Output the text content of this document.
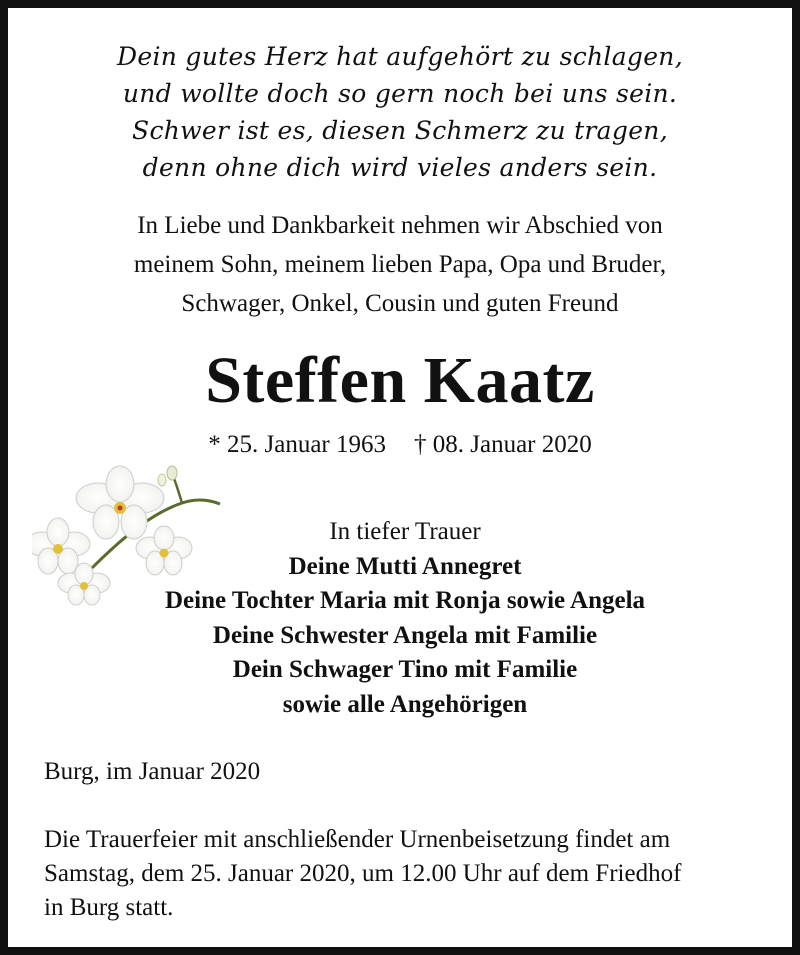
Dein gutes Herz hat aufgehört zu schlagen,
und wollte doch so gern noch bei uns sein.
Schwer ist es, diesen Schmerz zu tragen,
denn ohne dich wird vieles anders sein.
In Liebe und Dankbarkeit nehmen wir Abschied von
meinem Sohn, meinem lieben Papa, Opa und Bruder,
Schwager, Onkel, Cousin und guten Freund
Steffen Kaatz
* 25. Januar 1963 † 08. Januar 2020
In tiefer Trauer
Deine Mutti Annegret
Deine Tochter Maria mit Ronja sowie Angela
Deine Schwester Angela mit Familie
Dein Schwager Tino mit Familie
sowie alle Angehörigen
Burg, im Januar 2020
Die Trauerfeier mit anschließender Urnenbeisetzung findet am
Samstag, dem 25. Januar 2020, um 12.00 Uhr auf dem Friedhof
in Burg statt.
